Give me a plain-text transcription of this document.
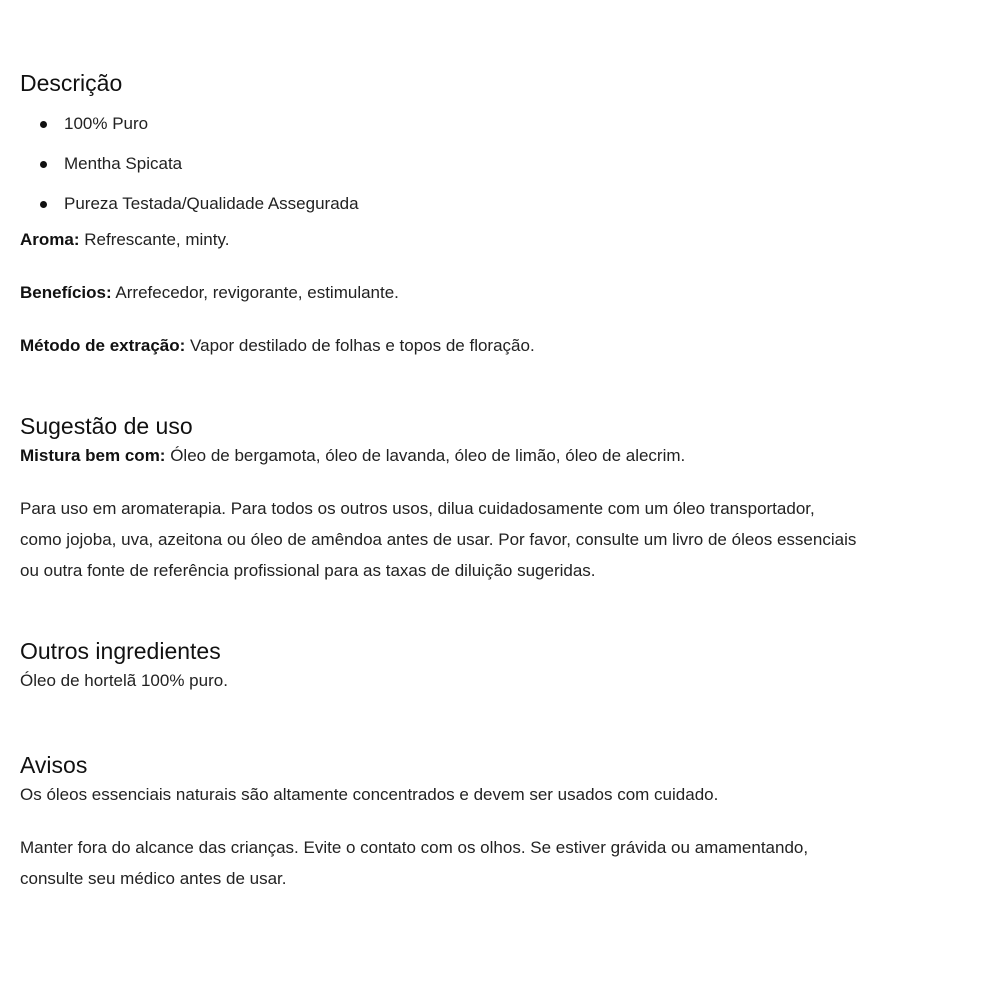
Descrição
100% Puro
Mentha Spicata
Pureza Testada/Qualidade Assegurada

Aroma: Refrescante, minty.

Benefícios: Arrefecedor, revigorante, estimulante.

Método de extração: Vapor destilado de folhas e topos de floração.

Sugestão de uso

Mistura bem com: Óleo de bergamota, óleo de lavanda, óleo de limão, óleo de alecrim.

Para uso em aromaterapia. Para todos os outros usos, dilua cuidadosamente com um óleo transportador,
como jojoba, uva, azeitona ou óleo de amêndoa antes de usar. Por favor, consulte um livro de óleos essenciais
ou outra fonte de referência profissional para as taxas de diluição sugeridas.

Outros ingredientes

Óleo de hortelã 100% puro.

Avisos

Os óleos essenciais naturais são altamente concentrados e devem ser usados com cuidado.

Manter fora do alcance das crianças. Evite o contato com os olhos. Se estiver grávida ou amamentando,
consulte seu médico antes de usar.
